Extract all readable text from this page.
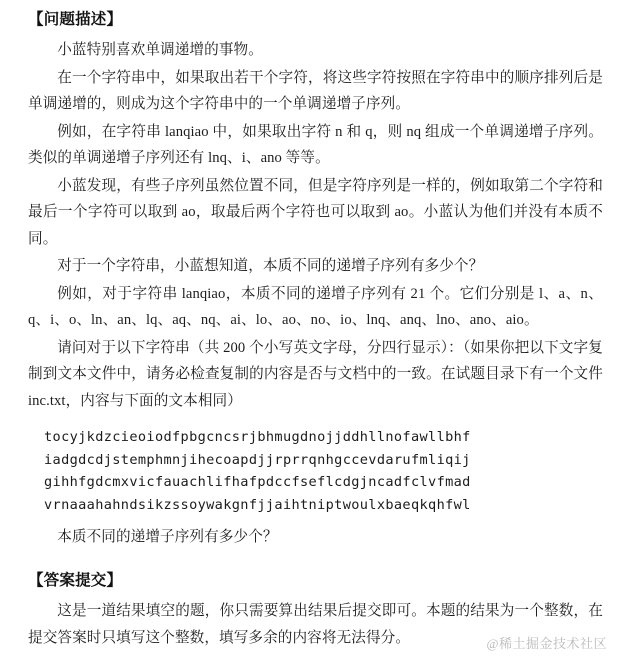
【问题描述】

小蓝特别喜欢单调递增的事物。

在一个字符串中，如果取出若干个字符，将这些字符按照在字符串中的顺序排列后是单调递增的，则成为这个字符串中的一个单调递增子序列。

例如，在字符串 lanqiao 中，如果取出字符 n 和 q，则 nq 组成一个单调递增子序列。类似的单调递增子序列还有 lnq、i、ano 等等。

小蓝发现，有些子序列虽然位置不同，但是字符序列是一样的，例如取第二个字符和最后一个字符可以取到 ao，取最后两个字符也可以取到 ao。小蓝认为他们并没有本质不同。

对于一个字符串，小蓝想知道，本质不同的递增子序列有多少个？

例如，对于字符串 lanqiao，本质不同的递增子序列有 21 个。它们分别是 l、a、n、q、i、o、ln、an、lq、aq、nq、ai、lo、ao、no、io、lnq、anq、lno、ano、aio。

请问对于以下字符串（共 200 个小写英文字母，分四行显示）：（如果你把以下文字复制到文本文件中，请务必检查复制的内容是否与文档中的一致。在试题目录下有一个文件 inc.txt，内容与下面的文本相同）

tocyjkdzcieoiodfpbgcncsrjbhmugdnojjddhllnofawllbhf
iadgdcdjstemphmnjihecoapdjjrprrqnhgccevdarufmliqij
gihhfgdcmxvicfauachlifhafpdccfseflcdgjncadfclvfmad
vrnaaahahndsikzssoywakgnfjjaihtniptwoulxbaeqkqhfwl

本质不同的递增子序列有多少个？

【答案提交】

这是一道结果填空的题，你只需要算出结果后提交即可。本题的结果为一个整数，在提交答案时只填写这个整数，填写多余的内容将无法得分。	@稀土掘金技术社区
